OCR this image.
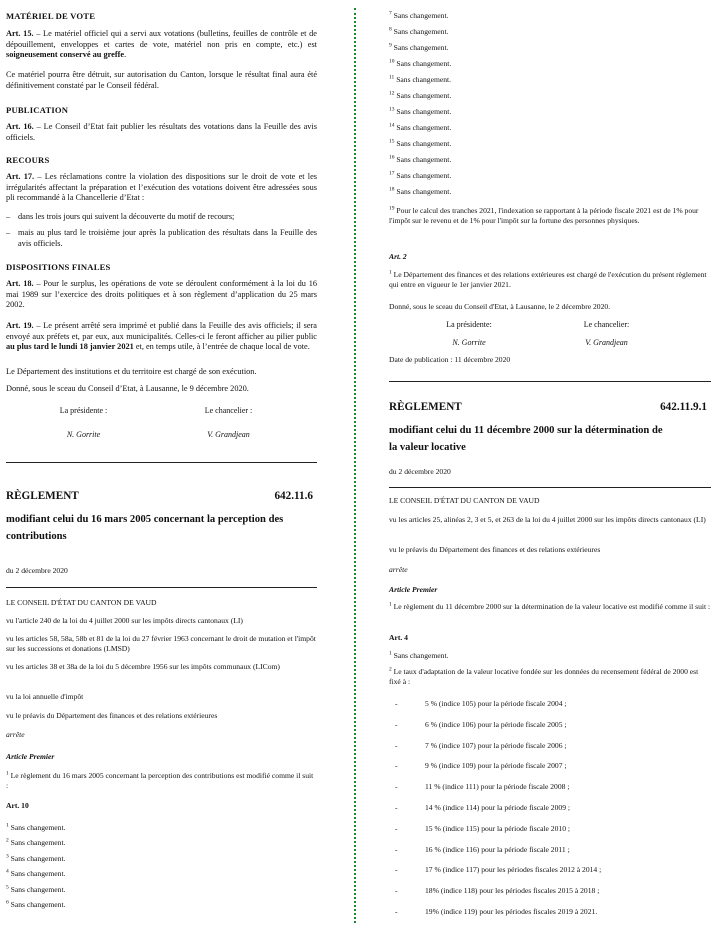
MATÉRIEL DE VOTE

Art. 15. – Le matériel officiel qui a servi aux votations (bulletins, feuilles de contrôle et de dépouillement, enveloppes et cartes de vote, matériel non pris en compte, etc.) est soigneusement conservé au greffe.

Ce matériel pourra être détruit, sur autorisation du Canton, lorsque le résultat final aura été définitivement constaté par le Conseil fédéral.

PUBLICATION

Art. 16. – Le Conseil d’Etat fait publier les résultats des votations dans la Feuille des avis officiels.

RECOURS

Art. 17. – Les réclamations contre la violation des dispositions sur le droit de vote et les irrégularités affectant la préparation et l’exécution des votations doivent être adressées sous pli recommandé à la Chancellerie d’Etat :

– dans les trois jours qui suivent la découverte du motif de recours;
– mais au plus tard le troisième jour après la publication des résultats dans la Feuille des avis officiels.

DISPOSITIONS FINALES

Art. 18. – Pour le surplus, les opérations de vote se déroulent conformément à la loi du 16 mai 1989 sur l’exercice des droits politiques et à son règlement d’application du 25 mars 2002.

Art. 19. – Le présent arrêté sera imprimé et publié dans la Feuille des avis officiels; il sera envoyé aux préfets et, par eux, aux municipalités. Celles-ci le feront afficher au pilier public au plus tard le lundi 18 janvier 2021 et, en temps utile, à l’entrée de chaque local de vote.

Le Département des institutions et du territoire est chargé de son exécution.

Donné, sous le sceau du Conseil d’Etat, à Lausanne, le 9 décembre 2020.

La présidente :	Le chancelier :
N. Gorrite	V. Grandjean
RÈGLEMENT	642.11.6

modifiant celui du 16 mars 2005 concernant la perception des contributions

du 2 décembre 2020

LE CONSEIL D'ÉTAT DU CANTON DE VAUD

vu l'article 240 de la loi du 4 juillet 2000 sur les impôts directs cantonaux (LI)

vu les articles 58, 58a, 58b et 81 de la loi du 27 février 1963 concernant le droit de mutation et l'impôt sur les successions et donations (LMSD)

vu les articles 38 et 38a de la loi du 5 décembre 1956 sur les impôts communaux (LICom)

vu la loi annuelle d'impôt

vu le préavis du Département des finances et des relations extérieures

arrête

Article Premier

$^1$ Le règlement du 16 mars 2005 concernant la perception des contributions est modifié comme il suit :

Art. 10

$^1$ Sans changement.

$^2$ Sans changement.

$^3$ Sans changement.

$^4$ Sans changement.

$^5$ Sans changement.

$^6$ Sans changement.

$^7$ Sans changement.

$^8$ Sans changement.

$^9$ Sans changement.

$^{10}$ Sans changement.

$^{11}$ Sans changement.

$^{12}$ Sans changement.

$^{13}$ Sans changement.

$^{14}$ Sans changement.

$^{15}$ Sans changement.

$^{16}$ Sans changement.

$^{17}$ Sans changement.

$^{18}$ Sans changement.

$^{19}$ Pour le calcul des tranches 2021, l'indexation se rapportant à la période fiscale 2021 est de 1% pour l'impôt sur le revenu et de 1% pour l'impôt sur la fortune des personnes physiques.

Art. 2

$^1$ Le Département des finances et des relations extérieures est chargé de l'exécution du présent règlement qui entre en vigueur le 1er janvier 2021.

Donné, sous le sceau du Conseil d'Etat, à Lausanne, le 2 décembre 2020.

La présidente:	Le chancelier:
N. Gorrite	V. Grandjean

Date de publication : 11 décembre 2020

RÈGLEMENT	642.11.9.1

modifiant celui du 11 décembre 2000 sur la détermination de la valeur locative

du 2 décembre 2020

LE CONSEIL D'ÉTAT DU CANTON DE VAUD

vu les articles 25, alinéas 2, 3 et 5, et 263 de la loi du 4 juillet 2000 sur les impôts directs cantonaux (LI)

vu le préavis du Département des finances et des relations extérieures

arrête

Article Premier

$^1$ Le règlement du 11 décembre 2000 sur la détermination de la valeur locative est modifié comme il suit :

Art. 4

$^1$ Sans changement.

$^2$ Le taux d'adaptation de la valeur locative fondée sur les données du recensement fédéral de 2000 est fixé à :

-	5 % (indice 105) pour la période fiscale 2004 ;
-	6 % (indice 106) pour la période fiscale 2005 ;
-	7 % (indice 107) pour la période fiscale 2006 ;
-	9 % (indice 109) pour la période fiscale 2007 ;
-	11 % (indice 111) pour la période fiscale 2008 ;
-	14 % (indice 114) pour la période fiscale 2009 ;
-	15 % (indice 115) pour la période fiscale 2010 ;
-	16 % (indice 116) pour la période fiscale 2011 ;
-	17 % (indice 117) pour les périodes fiscales 2012 à 2014 ;
-	18% (indice 118) pour les périodes fiscales 2015 à 2018 ;
-	19% (indice 119) pour les périodes fiscales 2019 à 2021.
